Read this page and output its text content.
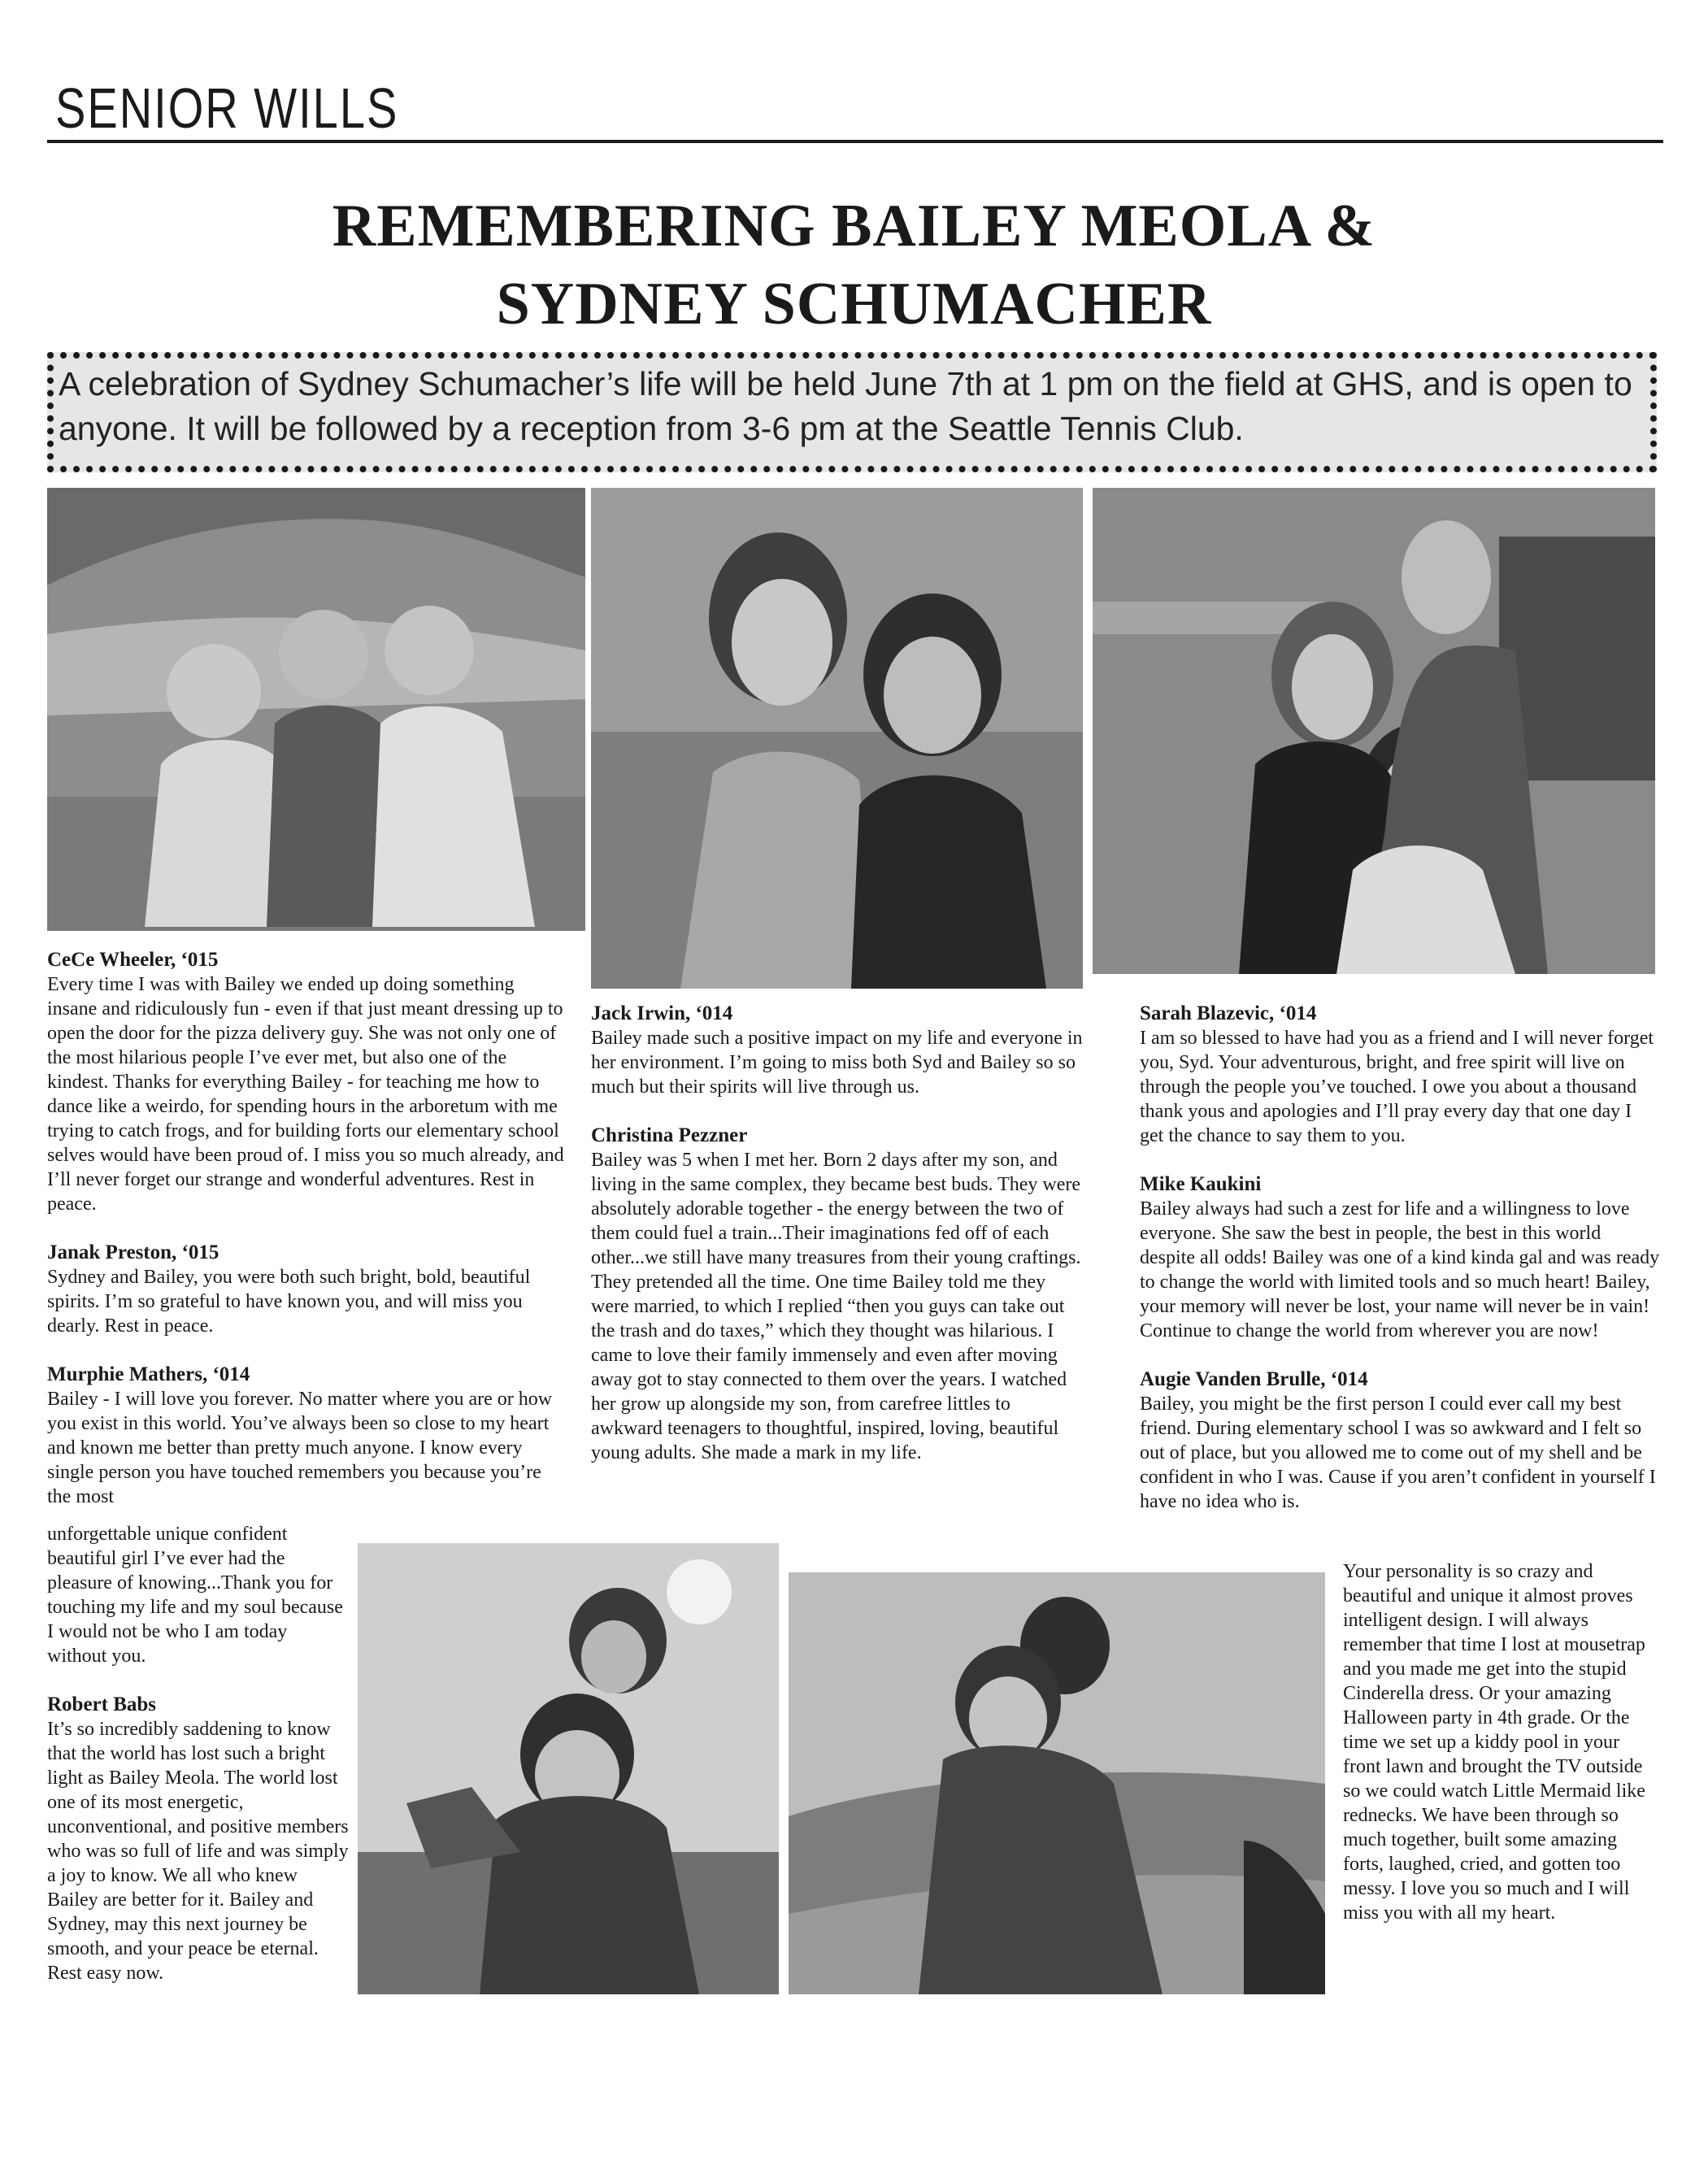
SENIOR WILLS
REMEMBERING BAILEY MEOLA &
SYDNEY SCHUMACHER
A celebration of Sydney Schumacher’s life will be held June 7th at 1 pm on the field at GHS, and is open to anyone. It will be followed by a reception from 3-6 pm at the Seattle Tennis Club.

CeCe Wheeler, ‘015

Every time I was with Bailey we ended up doing something insane and ridiculously fun - even if that just meant dressing up to open the door for the pizza delivery guy. She was not only one of the most hilarious people I’ve ever met, but also one of the kindest. Thanks for everything Bailey - for teaching me how to dance like a weirdo, for spending hours in the arboretum with me trying to catch frogs, and for building forts our elementary school selves would have been proud of. I miss you so much already, and I’ll never forget our strange and wonderful adventures. Rest in peace.

Janak Preston, ‘015

Sydney and Bailey, you were both such bright, bold, beautiful spirits. I’m so grateful to have known you, and will miss you dearly. Rest in peace.

Murphie Mathers, ‘014

Bailey - I will love you forever. No matter where you are or how you exist in this world. You’ve always been so close to my heart and known me better than pretty much anyone. I know every single person you have touched remembers you because you’re the most

unforgettable unique confident beautiful girl I’ve ever had the pleasure of knowing...Thank you for touching my life and my soul because I would not be who I am today without you.

Robert Babs

It’s so incredibly saddening to know that the world has lost such a bright light as Bailey Meola. The world lost one of its most energetic, unconventional, and positive members who was so full of life and was simply a joy to know. We all who knew Bailey are better for it. Bailey and Sydney, may this next journey be smooth, and your peace be eternal. Rest easy now.

Jack Irwin, ‘014

Bailey made such a positive impact on my life and everyone in her environment. I’m going to miss both Syd and Bailey so so much but their spirits will live through us.

Christina Pezzner

Bailey was 5 when I met her. Born 2 days after my son, and living in the same complex, they became best buds. They were absolutely adorable together - the energy between the two of them could fuel a train...Their imaginations fed off of each other...we still have many treasures from their young craftings. They pretended all the time. One time Bailey told me they were married, to which I replied “then you guys can take out the trash and do taxes,” which they thought was hilarious. I came to love their family immensely and even after moving away got to stay connected to them over the years. I watched her grow up alongside my son, from carefree littles to awkward teenagers to thoughtful, inspired, loving, beautiful young adults. She made a mark in my life.

Sarah Blazevic, ‘014

I am so blessed to have had you as a friend and I will never forget you, Syd. Your adventurous, bright, and free spirit will live on through the people you’ve touched. I owe you about a thousand thank yous and apologies and I’ll pray every day that one day I get the chance to say them to you.

Mike Kaukini

Bailey always had such a zest for life and a willingness to love everyone. She saw the best in people, the best in this world despite all odds! Bailey was one of a kind kinda gal and was ready to change the world with limited tools and so much heart! Bailey, your memory will never be lost, your name will never be in vain! Continue to change the world from wherever you are now!

Augie Vanden Brulle, ‘014

Bailey, you might be the first person I could ever call my best friend. During elementary school I was so awkward and I felt so out of place, but you allowed me to come out of my shell and be confident in who I was. Cause if you aren’t confident in yourself I have no idea who is.

Your personality is so crazy and beautiful and unique it almost proves intelligent design. I will always remember that time I lost at mousetrap and you made me get into the stupid Cinderella dress. Or your amazing Halloween party in 4th grade. Or the time we set up a kiddy pool in your front lawn and brought the TV outside so we could watch Little Mermaid like rednecks. We have been through so much together, built some amazing forts, laughed, cried, and gotten too messy. I love you so much and I will miss you with all my heart.
